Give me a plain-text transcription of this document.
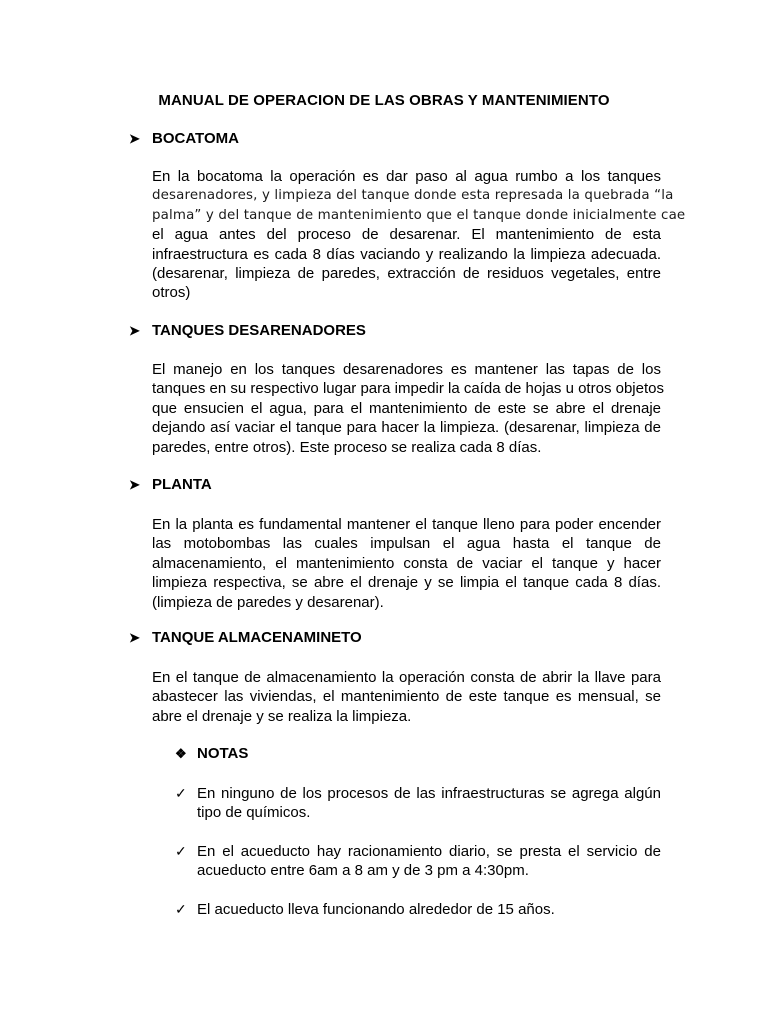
MANUAL DE OPERACION DE LAS OBRAS Y MANTENIMIENTO
➤ BOCATOMA
En la bocatoma la operación es dar paso al agua rumbo a los tanques
desarenadores, y limpieza del tanque donde esta represada la quebrada “la
palma” y del tanque de mantenimiento que el tanque donde inicialmente cae
el agua antes del proceso de desarenar. El mantenimiento de esta
infraestructura es cada 8 días vaciando y realizando la limpieza adecuada.
(desarenar, limpieza de paredes, extracción de residuos vegetales, entre
otros)
➤ TANQUES DESARENADORES
El manejo en los tanques desarenadores es mantener las tapas de los
tanques en su respectivo lugar para impedir la caída de hojas u otros objetos
que ensucien el agua, para el mantenimiento de este se abre el drenaje
dejando así vaciar el tanque para hacer la limpieza. (desarenar, limpieza de
paredes, entre otros). Este proceso se realiza cada 8 días.
➤ PLANTA
En la planta es fundamental mantener el tanque lleno para poder encender
las motobombas las cuales impulsan el agua hasta el tanque de
almacenamiento, el mantenimiento consta de vaciar el tanque y hacer
limpieza respectiva, se abre el drenaje y se limpia el tanque cada 8 días.
(limpieza de paredes y desarenar).
➤ TANQUE ALMACENAMINETO
En el tanque de almacenamiento la operación consta de abrir la llave para
abastecer las viviendas, el mantenimiento de este tanque es mensual, se
abre el drenaje y se realiza la limpieza.
❖ NOTAS
✓ En ninguno de los procesos de las infraestructuras se agrega algún
tipo de químicos.
✓ En el acueducto hay racionamiento diario, se presta el servicio de
acueducto entre 6am a 8 am y de 3 pm a 4:30pm.
✓ El acueducto lleva funcionando alrededor de 15 años.
